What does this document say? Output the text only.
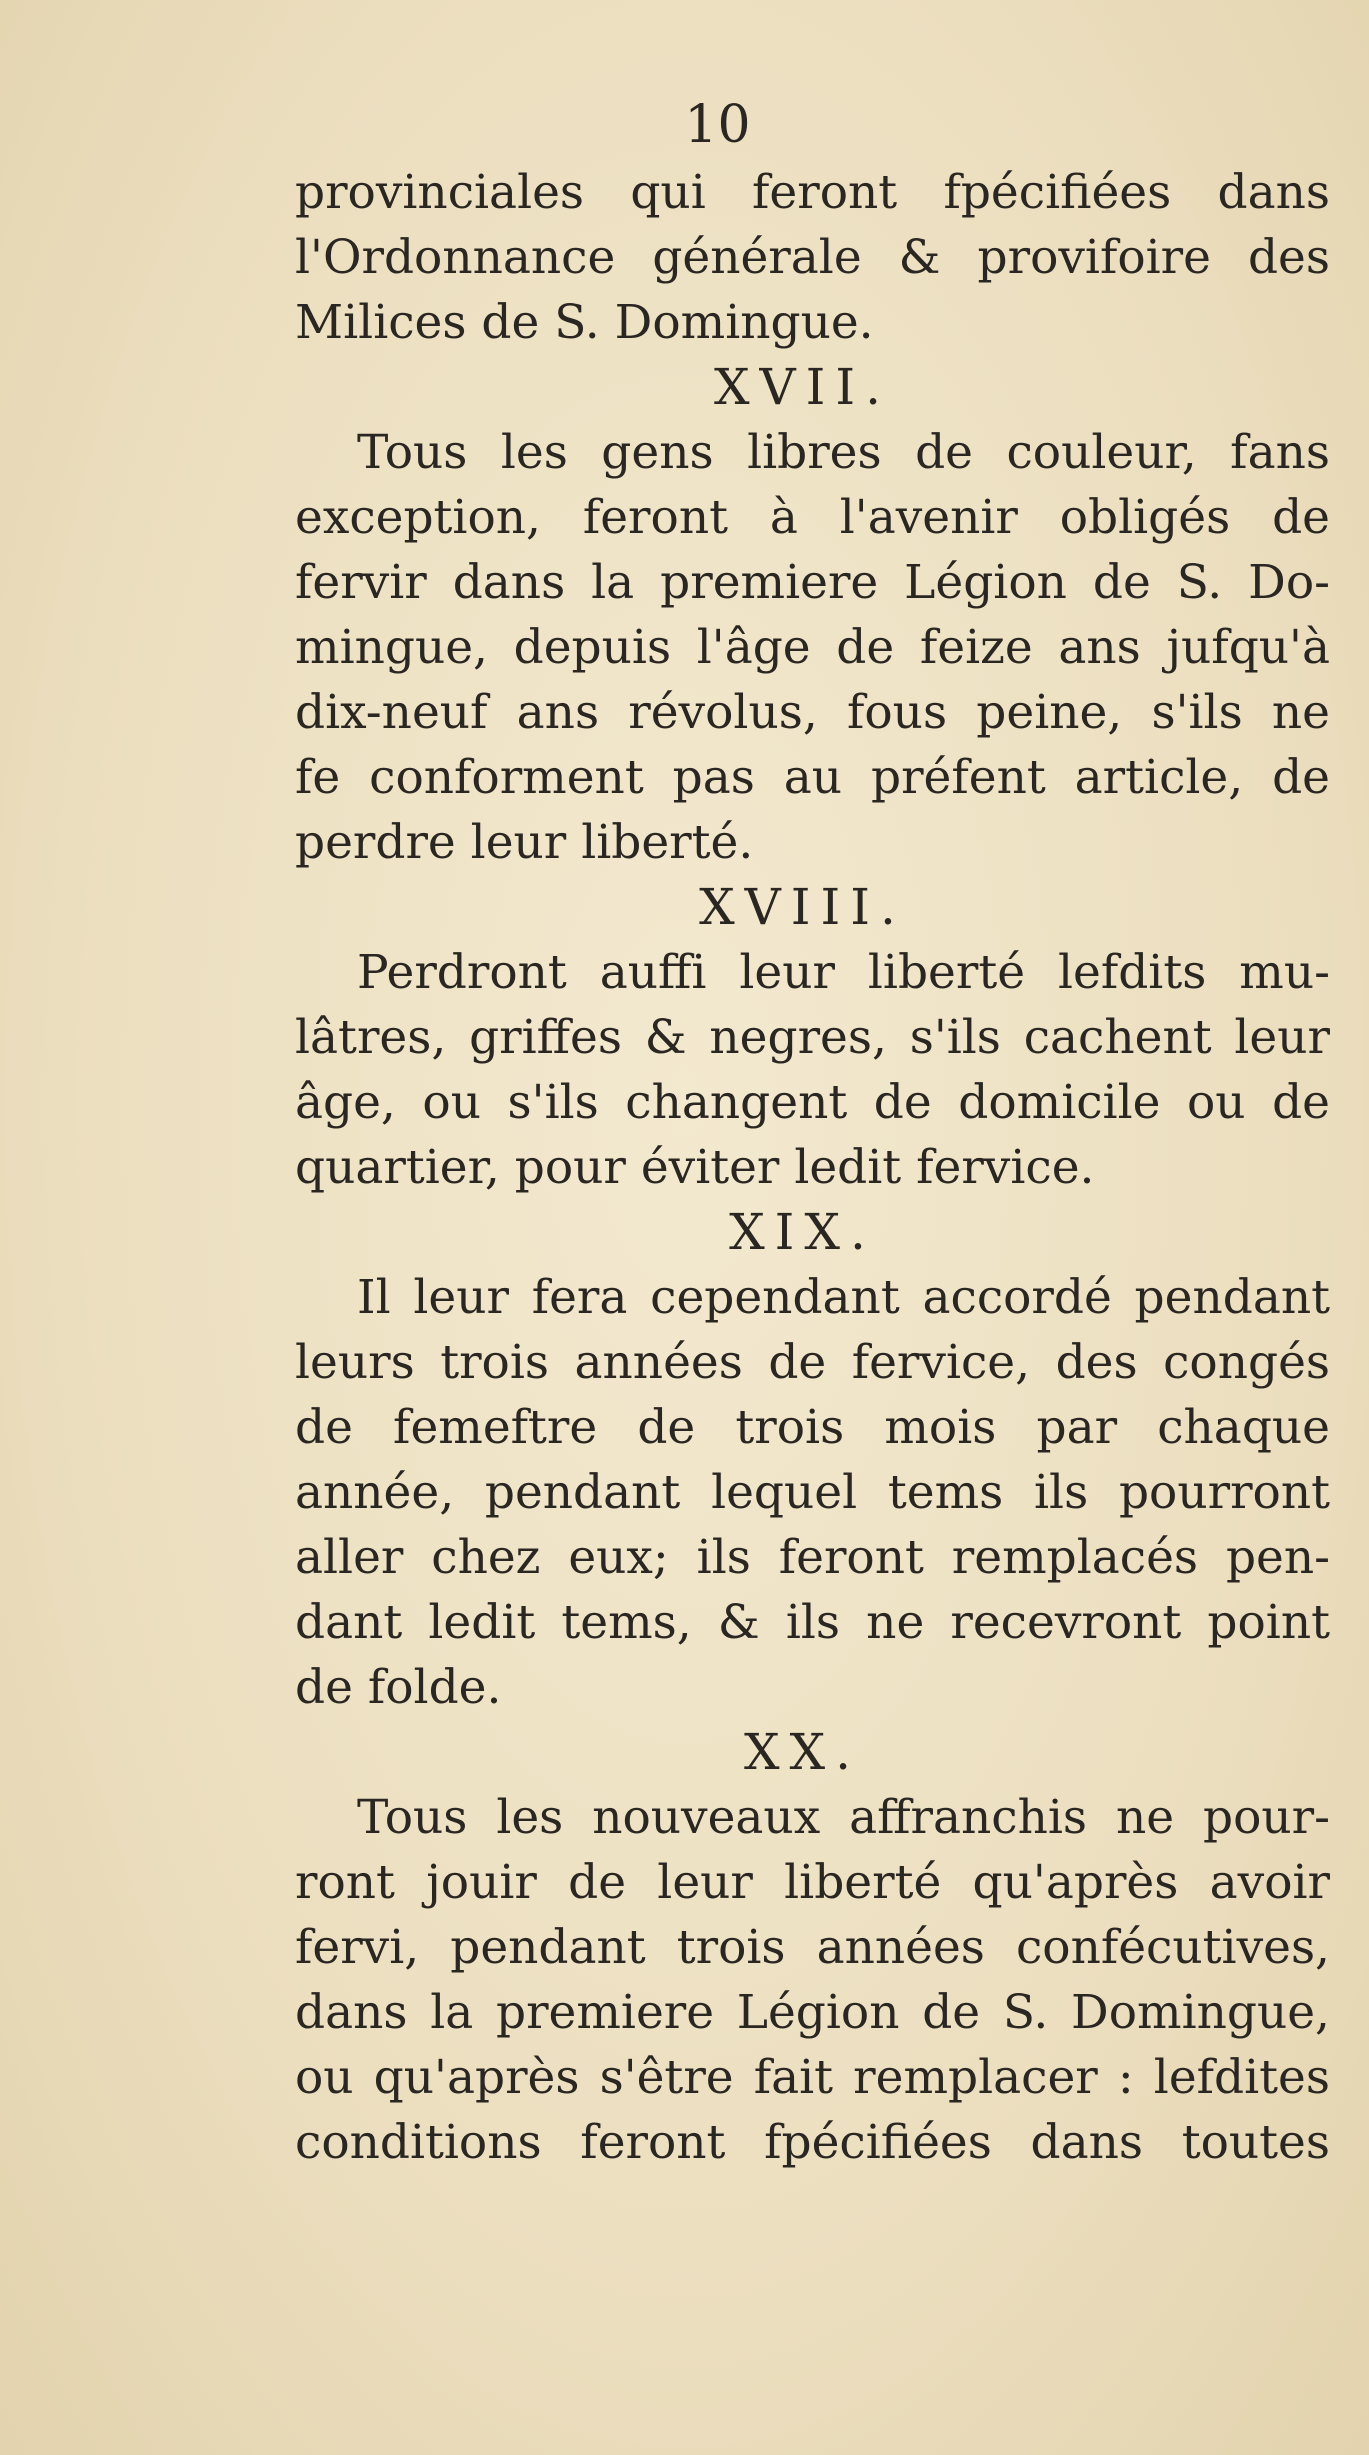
10
provinciales qui feront fpécifiées dans
l'Ordonnance générale & provifoire des
Milices de S. Domingue.
XVII.
Tous les gens libres de couleur, fans
exception, feront à l'avenir obligés de
fervir dans la premiere Légion de S. Do-
mingue, depuis l'âge de feize ans jufqu'à
dix-neuf ans révolus, fous peine, s'ils ne
fe conforment pas au préfent article, de
perdre leur liberté.
XVIII.
Perdront auffi leur liberté lefdits mu-
lâtres, griffes & negres, s'ils cachent leur
âge, ou s'ils changent de domicile ou de
quartier, pour éviter ledit fervice.
XIX.
Il leur fera cependant accordé pendant
leurs trois années de fervice, des congés
de femeftre de trois mois par chaque
année, pendant lequel tems ils pourront
aller chez eux; ils feront remplacés pen-
dant ledit tems, & ils ne recevront point
de folde.
XX.
Tous les nouveaux affranchis ne pour-
ront jouir de leur liberté qu'après avoir
fervi, pendant trois années confécutives,
dans la premiere Légion de S. Domingue,
ou qu'après s'être fait remplacer : lefdites
conditions feront fpécifiées dans toutes
